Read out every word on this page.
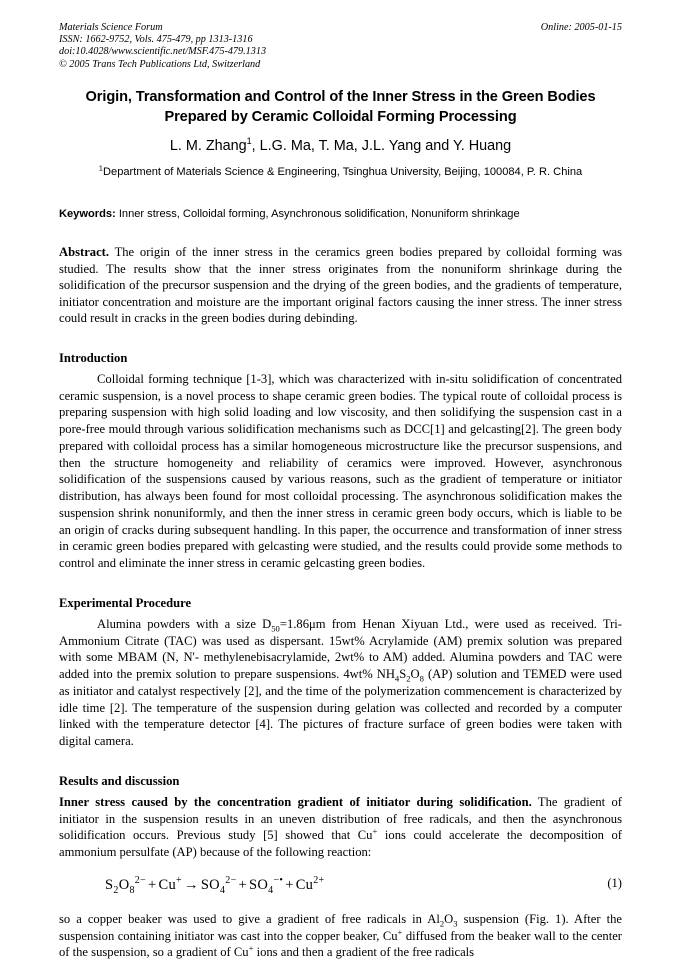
Materials Science Forum
ISSN: 1662-9752, Vols. 475-479, pp 1313-1316
doi:10.4028/www.scientific.net/MSF.475-479.1313
© 2005 Trans Tech Publications Ltd, Switzerland
Online: 2005-01-15
Origin, Transformation and Control of the Inner Stress in the Green Bodies Prepared by Ceramic Colloidal Forming Processing
L. M. Zhang$^1$, L.G. Ma, T. Ma, J.L. Yang and Y. Huang
$^1$Department of Materials Science & Engineering, Tsinghua University, Beijing, 100084, P. R. China
Keywords: Inner stress, Colloidal forming, Asynchronous solidification, Nonuniform shrinkage
Abstract. The origin of the inner stress in the ceramics green bodies prepared by colloidal forming was studied. The results show that the inner stress originates from the nonuniform shrinkage during the solidification of the precursor suspension and the drying of the green bodies, and the gradients of temperature, initiator concentration and moisture are the important original factors causing the inner stress. The inner stress could result in cracks in the green bodies during debinding.
Introduction
Colloidal forming technique [1-3], which was characterized with in-situ solidification of concentrated ceramic suspension, is a novel process to shape ceramic green bodies. The typical route of colloidal process is preparing suspension with high solid loading and low viscosity, and then solidifying the suspension cast in a pore-free mould through various solidification mechanisms such as DCC[1] and gelcasting[2]. The green body prepared with colloidal process has a similar homogeneous microstructure like the precursor suspensions, and then the structure homogeneity and reliability of ceramics were improved. However, asynchronous solidification of the suspensions caused by various reasons, such as the gradient of temperature or initiator distribution, has always been found for most colloidal processing. The asynchronous solidification makes the suspension shrink nonuniformly, and then the inner stress in ceramic green body occurs, which is liable to be an origin of cracks during subsequent handling. In this paper, the occurrence and transformation of inner stress in ceramic green bodies prepared with gelcasting were studied, and the results could provide some methods to control and eliminate the inner stress in ceramic gelcasting green bodies.
Experimental Procedure
Alumina powders with a size $D_{50}=1.86\mu m$ from Henan Xiyuan Ltd., were used as received. Tri-Ammonium Citrate (TAC) was used as dispersant. 15wt% Acrylamide (AM) premix solution was prepared with some MBAM (N, N'- methylenebisacrylamide, 2wt% to AM) added. Alumina powders and TAC were added into the premix solution to prepare suspensions. 4wt% $NH_4S_2O_8$ (AP) solution and TEMED were used as initiator and catalyst respectively [2], and the time of the polymerization commencement is characterized by idle time [2]. The temperature of the suspension during gelation was collected and recorded by a computer linked with the temperature detector [4]. The pictures of fracture surface of green bodies were taken with digital camera.
Results and discussion
Inner stress caused by the concentration gradient of initiator during solidification. The gradient of initiator in the suspension results in an uneven distribution of free radicals, and then the asynchronous solidification occurs. Previous study [5] showed that Cu+ ions could accelerate the decomposition of ammonium persulfate (AP) because of the following reaction:
$S_2O_8^{2-} + Cu^+ \to SO_4^{2-} + SO_4^{-•} + Cu^{2+}$	(1)
so a copper beaker was used to give a gradient of free radicals in $Al_2O_3$ suspension (Fig. 1). After the suspension containing initiator was cast into the copper beaker, Cu+ diffused from the beaker wall to the center of the suspension, so a gradient of Cu+ ions and then a gradient of the free radicals
